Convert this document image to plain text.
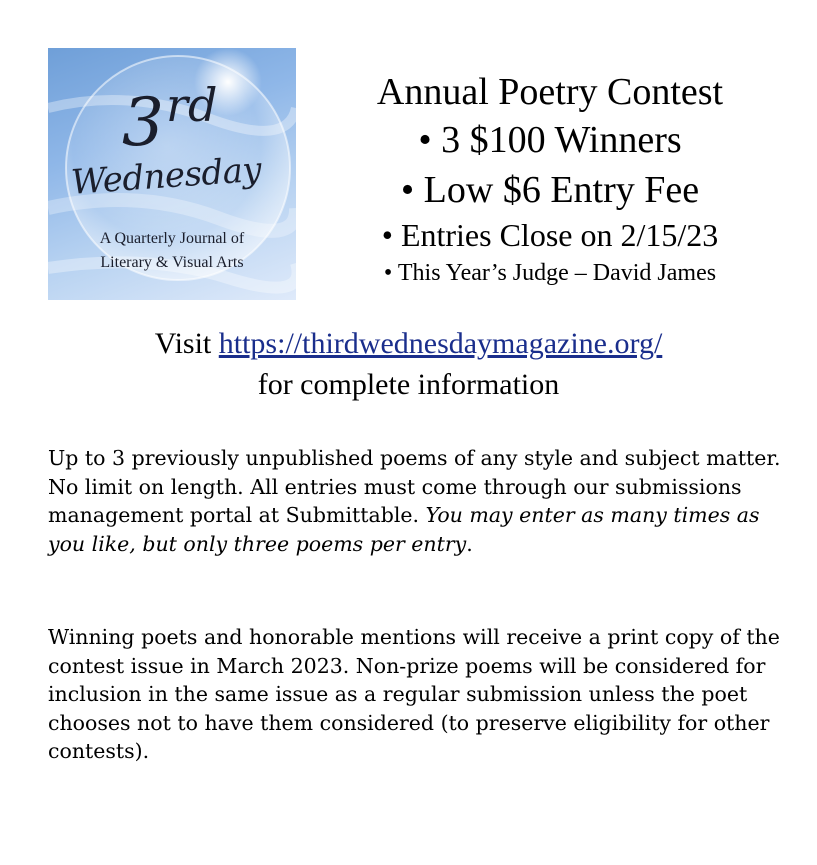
3 rd
Wednesday
A Quarterly Journal of
Literary & Visual Arts
Annual Poetry Contest
• 3 $100 Winners
• Low $6 Entry Fee
• Entries Close on 2/15/23
• This Year’s Judge – David James
Visit https://thirdwednesdaymagazine.org/
for complete information

Up to 3 previously unpublished poems of any style and subject matter. No limit on length. All entries must come through our submissions management portal at Submittable. You may enter as many times as you like, but only three poems per entry.

Winning poets and honorable mentions will receive a print copy of the contest issue in March 2023. Non-prize poems will be considered for inclusion in the same issue as a regular submission unless the poet chooses not to have them considered (to preserve eligibility for other contests).
